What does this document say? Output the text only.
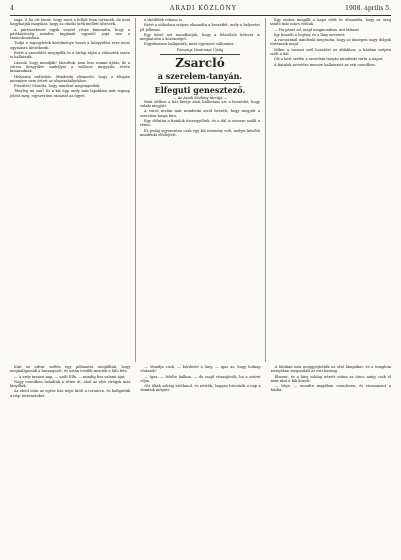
4	ARADI KÖZLÖNY	1908. április 5.

saga. S ha ott lenne, hogy most a felhőt fenn tartanák, de nem hagyhatják magukat, hogy az elnöki szék mellett ültessék.

A pártszerkezet egyik vezető része kimondta, hogy a pártközösség minden tagjának egyenlő joga van a tanácskozásban.

Tudja a tagegyletek körülménye hozzá a közgyűlést erre most egymásra következik.

Ezért a szerződés megnyílik és a hírlap útján a választók szava is hallatszik.

Lássuk, hogy mondják! Mondtuk: nem lesz semmi újítás, de a városi közgyűlés szabályai a vallásos tárgyalás révén kimaradnak.

Helyszíni tudósítás. Mindenki elismerte, hogy a főispán mennyire nem értett az alapszabályokhoz.

Frissítés! Mondta, hogy mindent megengedtek.

Tényleg mi van? Ez a kis ügy, mely más lapokban már tegnap jelent meg, egyszerűen rámutat az ügyet.

a skótfélék rokona is.

Ezért a stílusban szépen elmondta a beszédét, mely a helyzetet jól jellemzi.

Egy kissé azt mondhatjuk, hogy a felszólaló kétszer is meghatotta a közönséget.

Figyelmesen hallgatták, mint egyszerű vallomást.

Pozsonyi Vasárnapi Újság
Zsarcló
a szerelem-tanyán.
Elfeguti genesztező.
— Az Aradi Közlöny tárcája —

Mint délben a ház kertje alatt hallottam azt a beszédet, hogy valaki megjött.

A város utcáin már mindenki arról beszélt, hogy megjött a szerelem-tanya híre.

Egy délután a fiatalok összegyűltek, és a dal is messze szállt a réten.

Ez pedig egyszerűen csak egy kis esemény volt, melyet később mindenki elfelejtett.

Egy ember megállt a kapu előtt és elmondta, hogy az öreg tanító már nincs velünk.

— Ha pénzt ad, majd megmondom, mit láttam!

Így beszélt a legény, és a lány nevetett.

A vacsoránál mindenki megtudta, hogy az ünnepen nagy dolgok történnek majd.

Mikor a tavaszi szél hozzáért az ablakhoz, a házban szépen szólt a dal.

Ott a kert szélén a szerelem-tanyán mindenki várta a napot.

A fiatalok nevetése messze hallatszott az esti csendben.

Kint az udvar szélén egy pillanatra megálltak, hogy meghallgassák a harangszót, és aztán tovább mentek a falu felé.

— A szép tavaszi nap, — szólt Ella, — mindig hoz valami újat.

Nagy csendben haladtak a réten át, ahol az első virágok már kinyíltak.

Az ebéd után az egész ház népe kiült a tornácra, és hallgatták a régi történeteket.

— Mondja csak, — kérdezte a lány, — igaz az, hogy holnap elutazik?

— Igaz, — felelte halkan, — de majd visszajövök, ha a szüret eljön.

Ott ültek sokáig szótlanul, és nézték, hogyan búcsúzik a nap a dombok mögött.

A faluban már meggyújtották az első lámpákat, és a templom tornyában megszólalt az esti harang.

Elment, és a lány sokáig nézett utána az úton, amíg csak el nem tűnt a fák között.

— Vége, — mondta magában csendesen, és visszament a házba.
